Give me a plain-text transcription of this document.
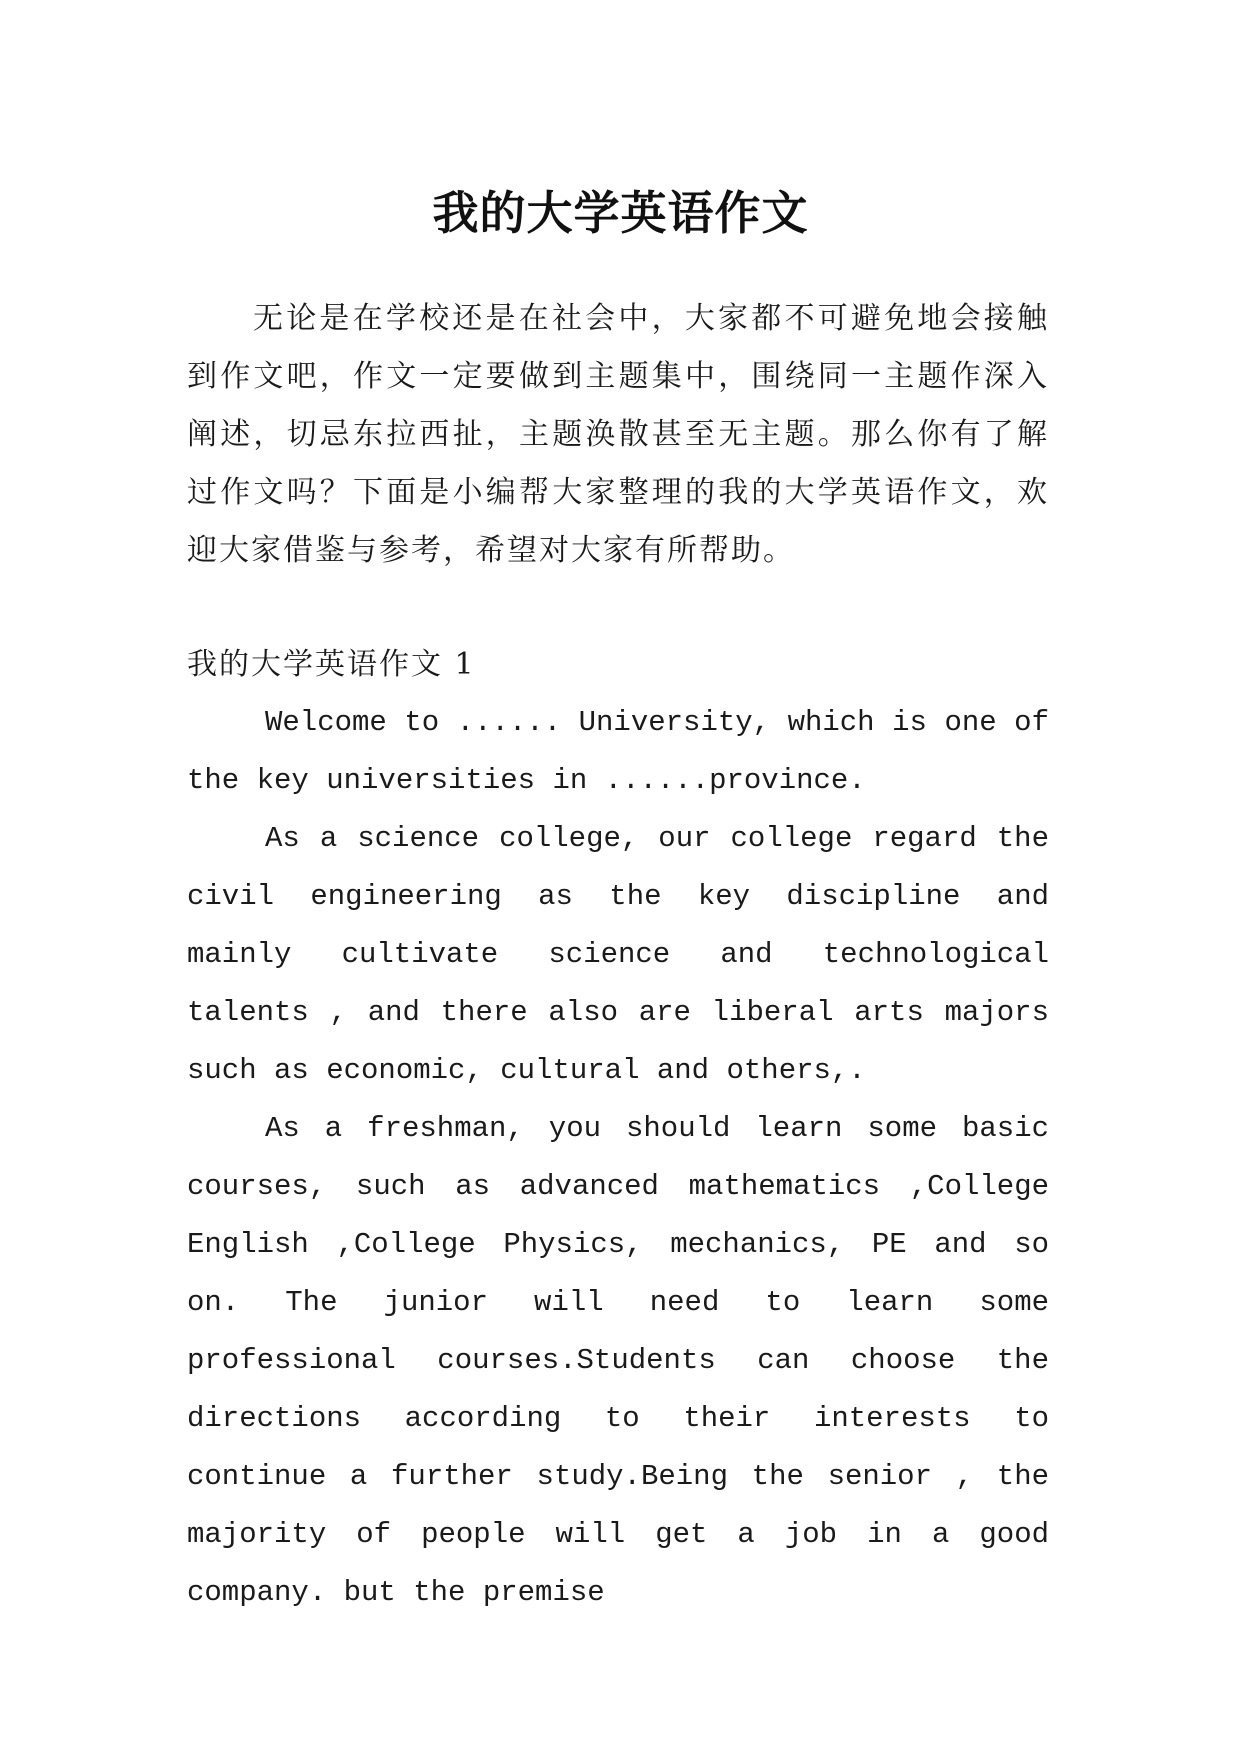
我的大学英语作文

无论是在学校还是在社会中，大家都不可避免地会接触到作文吧，作文一定要做到主题集中，围绕同一主题作深入阐述，切忌东拉西扯，主题涣散甚至无主题。那么你有了解过作文吗？下面是小编帮大家整理的我的大学英语作文，欢迎大家借鉴与参考，希望对大家有所帮助。

我的大学英语作文 1

Welcome to ...... University, which is one of the key universities in ......province.

As a science college, our college regard the civil engineering as the key discipline and mainly cultivate science and technological talents , and there also are liberal arts majors such as economic, cultural and others,.

As a freshman, you should learn some basic courses, such as advanced mathematics ,College English ,College Physics, mechanics, PE and so on. The junior will need to learn some professional courses.Students can choose the directions according to their interests to continue a further study.Being the senior , the majority of people will get a job in a good company. but the premise
